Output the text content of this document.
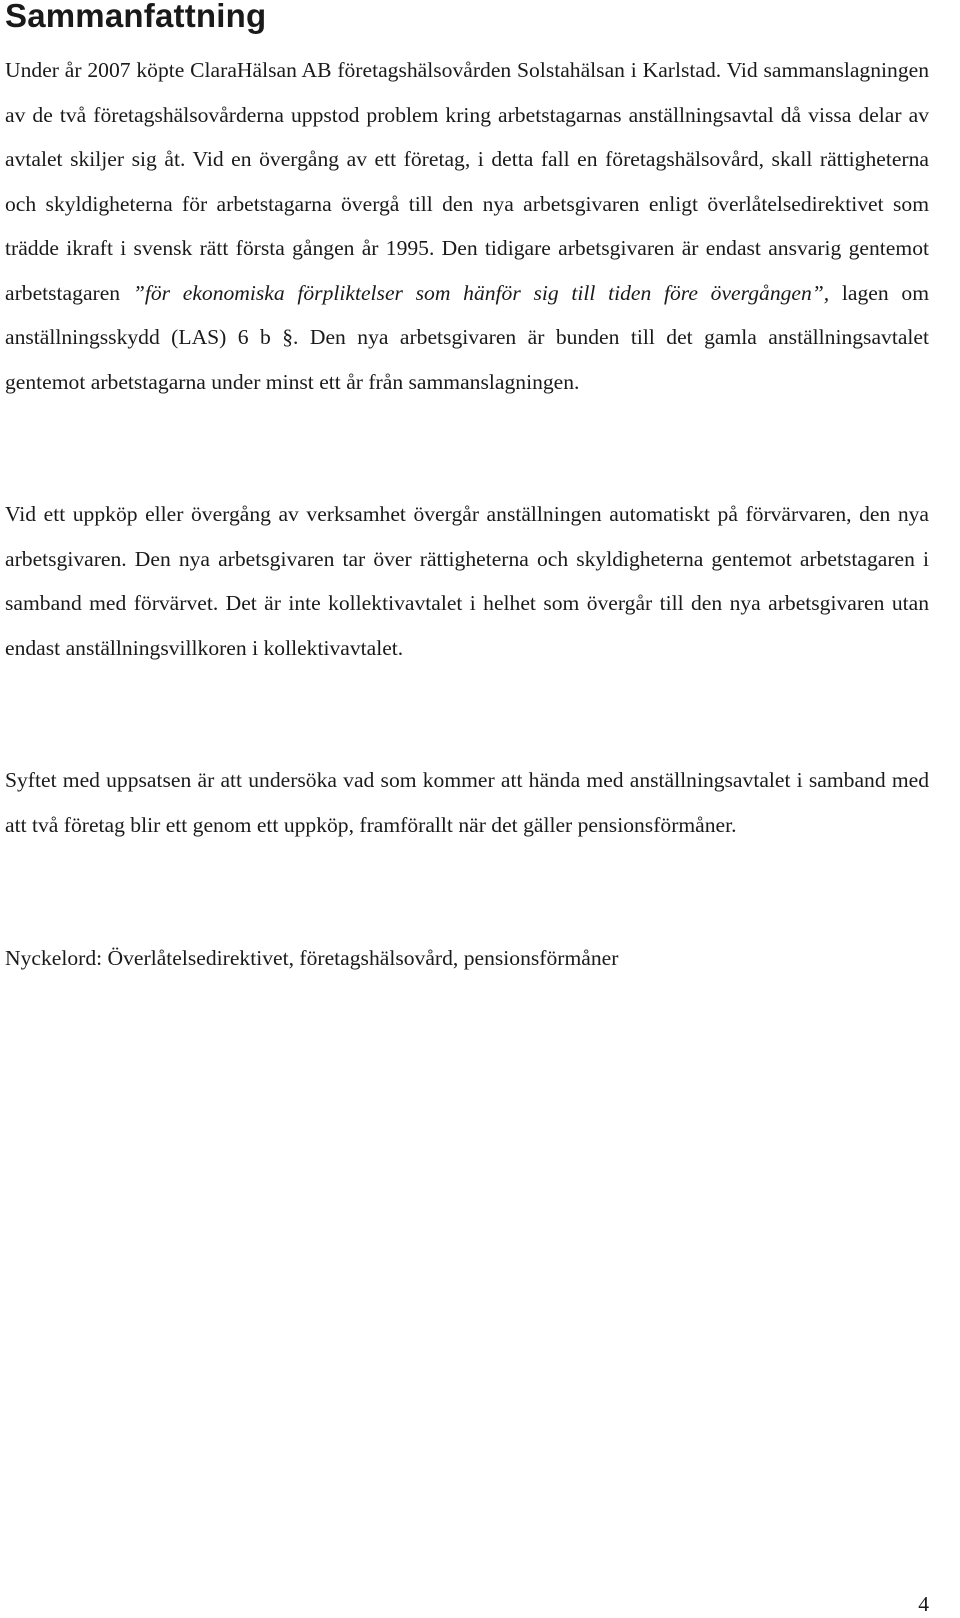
Sammanfattning

Under år 2007 köpte ClaraHälsan AB företagshälsovården Solstahälsan i Karlstad. Vid sammanslagningen av de två företagshälsovårderna uppstod problem kring arbetstagarnas anställningsavtal då vissa delar av avtalet skiljer sig åt. Vid en övergång av ett företag, i detta fall en företagshälsovård, skall rättigheterna och skyldigheterna för arbetstagarna övergå till den nya arbetsgivaren enligt överlåtelsedirektivet som trädde ikraft i svensk rätt första gången år 1995. Den tidigare arbetsgivaren är endast ansvarig gentemot arbetstagaren ”för ekonomiska förpliktelser som hänför sig till tiden före övergången”, lagen om anställningsskydd (LAS) 6 b §. Den nya arbetsgivaren är bunden till det gamla anställningsavtalet gentemot arbetstagarna under minst ett år från sammanslagningen.

Vid ett uppköp eller övergång av verksamhet övergår anställningen automatiskt på förvärvaren, den nya arbetsgivaren. Den nya arbetsgivaren tar över rättigheterna och skyldigheterna gentemot arbetstagaren i samband med förvärvet. Det är inte kollektivavtalet i helhet som övergår till den nya arbetsgivaren utan endast anställningsvillkoren i kollektivavtalet.

Syftet med uppsatsen är att undersöka vad som kommer att hända med anställningsavtalet i samband med att två företag blir ett genom ett uppköp, framförallt när det gäller pensionsförmåner.

Nyckelord: Överlåtelsedirektivet, företagshälsovård, pensionsförmåner

4
